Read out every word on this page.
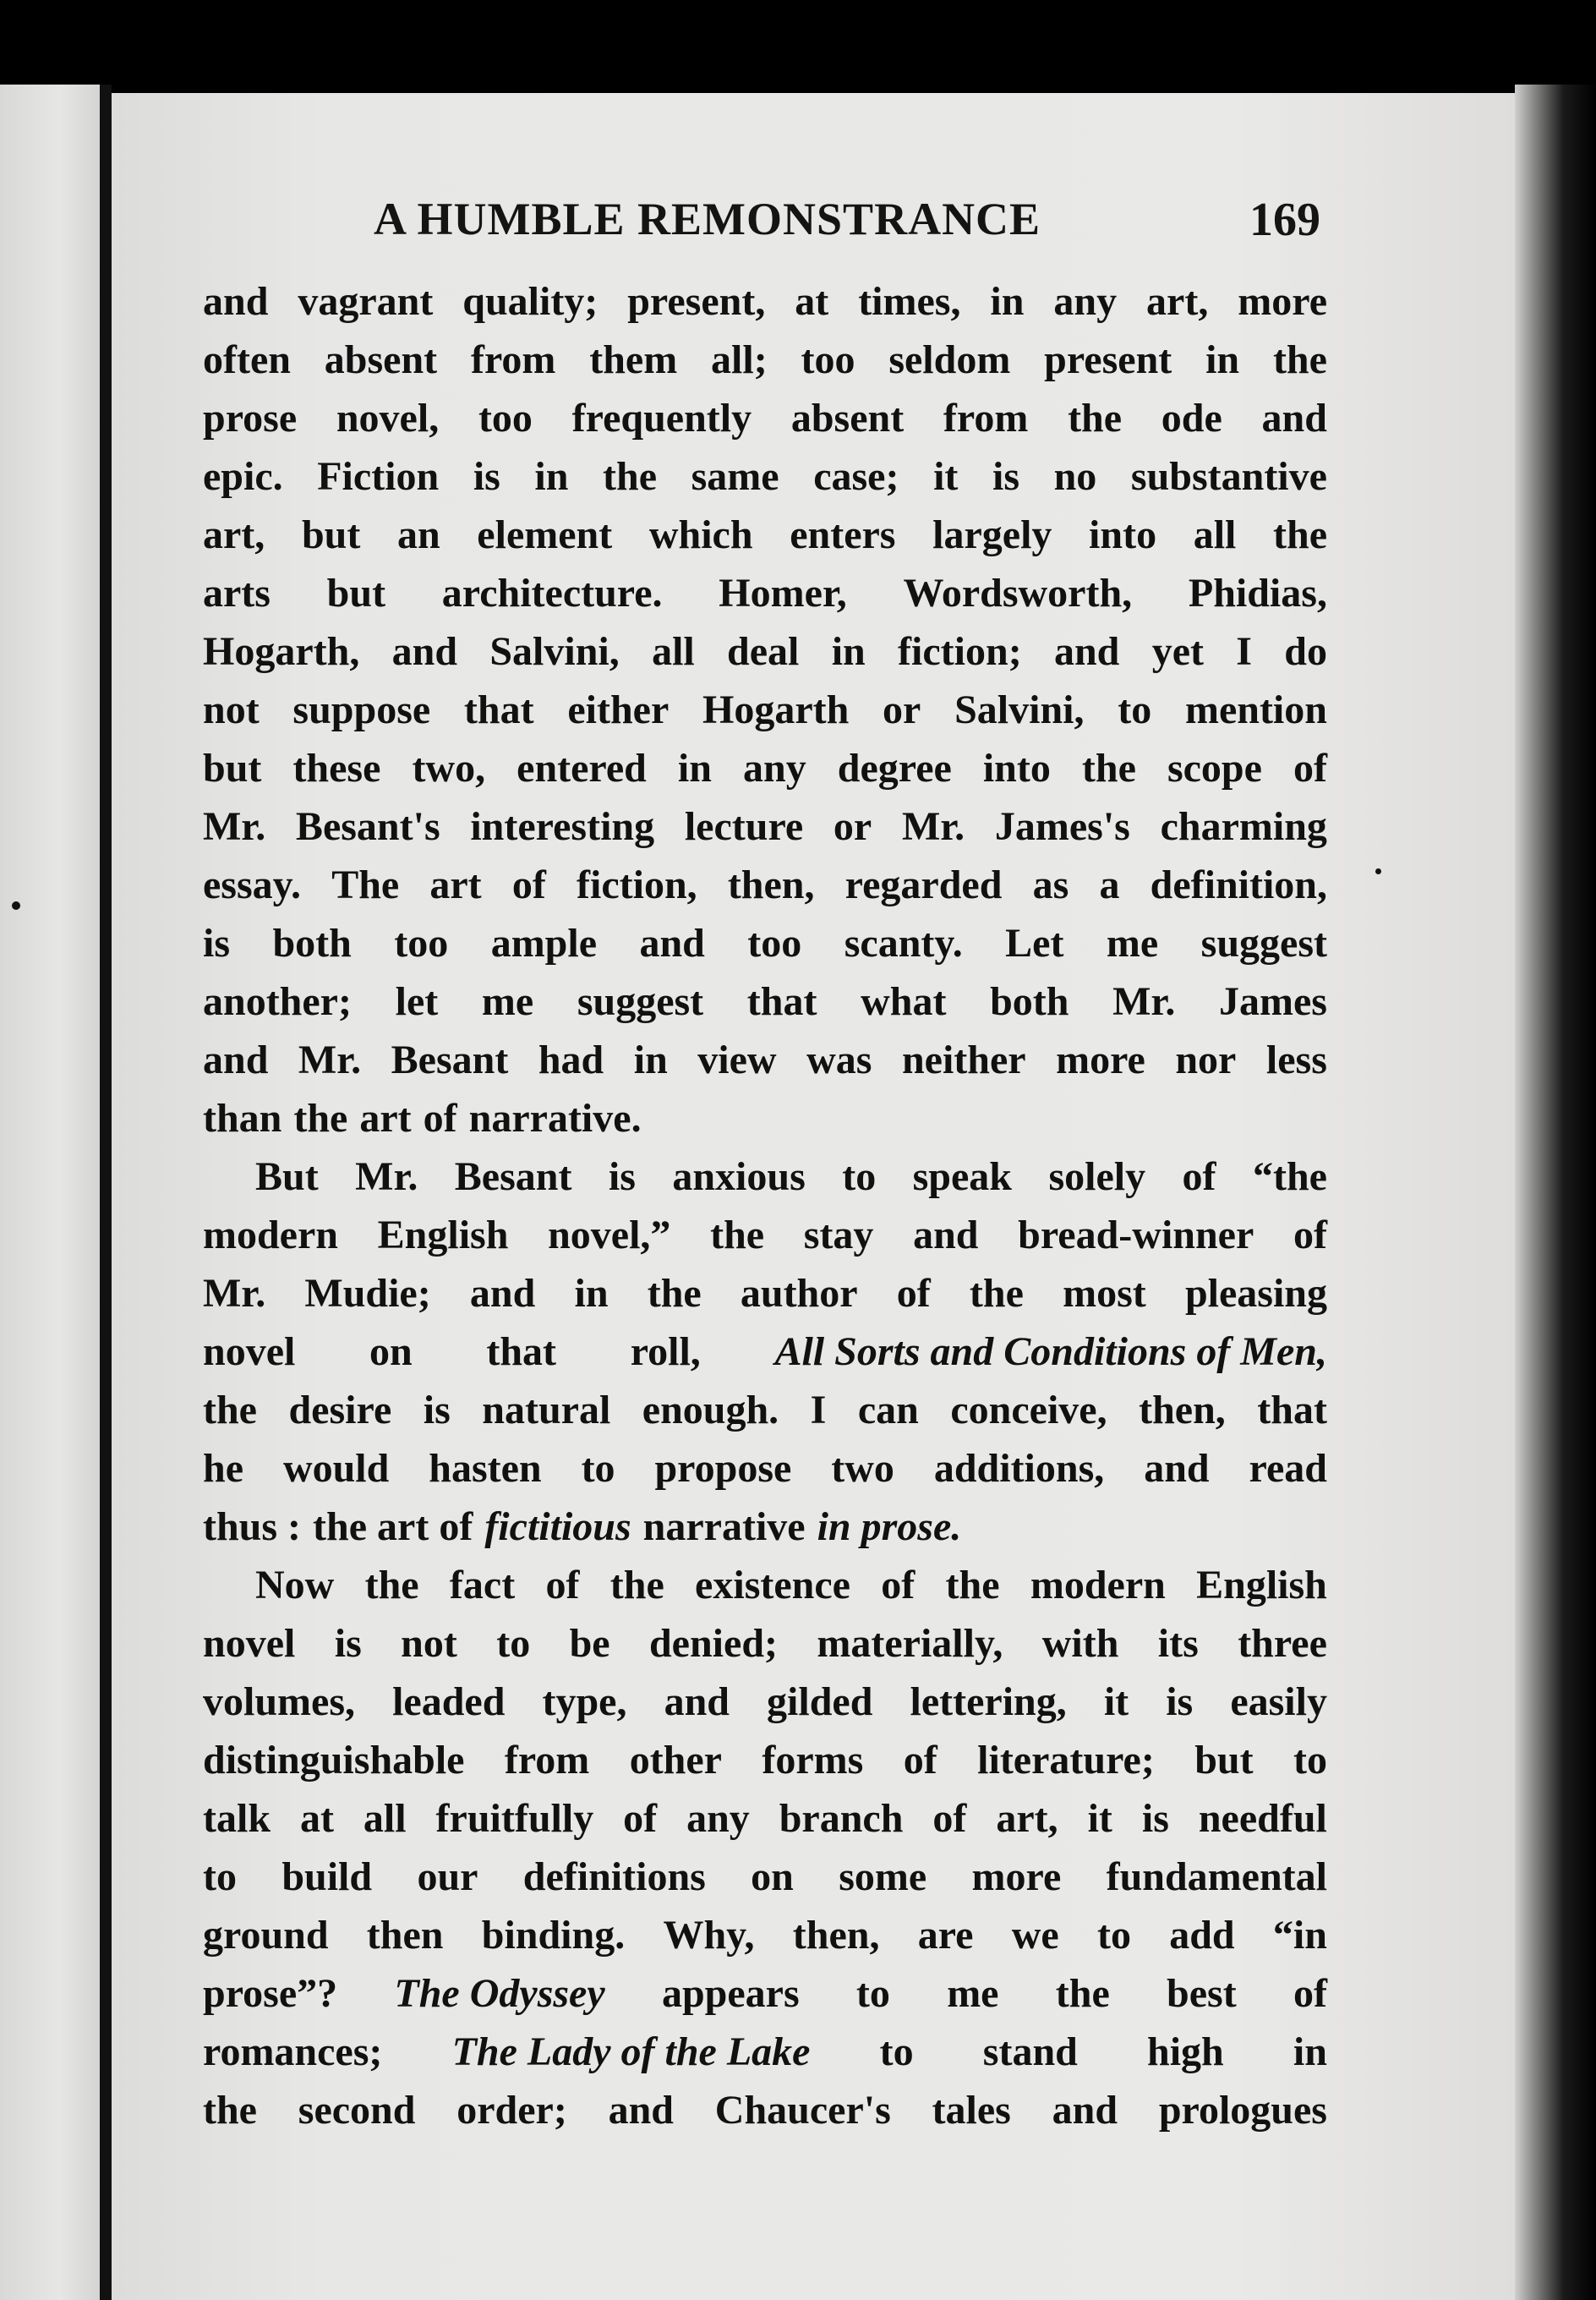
A HUMBLE REMONSTRANCE	169
and vagrant quality; present, at times, in any art, more
often absent from them all; too seldom present in the
prose novel, too frequently absent from the ode and
epic. Fiction is in the same case; it is no substantive
art, but an element which enters largely into all the
arts but architecture. Homer, Wordsworth, Phidias,
Hogarth, and Salvini, all deal in fiction; and yet I do
not suppose that either Hogarth or Salvini, to mention
but these two, entered in any degree into the scope of
Mr. Besant's interesting lecture or Mr. James's charming
essay. The art of fiction, then, regarded as a definition,
is both too ample and too scanty. Let me suggest
another; let me suggest that what both Mr. James
and Mr. Besant had in view was neither more nor less
than the art of narrative.
But Mr. Besant is anxious to speak solely of “the
modern English novel,” the stay and bread-winner of
Mr. Mudie; and in the author of the most pleasing
novel on that roll, All Sorts and Conditions of Men,
the desire is natural enough. I can conceive, then, that
he would hasten to propose two additions, and read
thus : the art of fictitious narrative in prose.
Now the fact of the existence of the modern English
novel is not to be denied; materially, with its three
volumes, leaded type, and gilded lettering, it is easily
distinguishable from other forms of literature; but to
talk at all fruitfully of any branch of art, it is needful
to build our definitions on some more fundamental
ground then binding. Why, then, are we to add “in
prose”? The Odyssey appears to me the best of
romances; The Lady of the Lake to stand high in
the second order; and Chaucer's tales and prologues
